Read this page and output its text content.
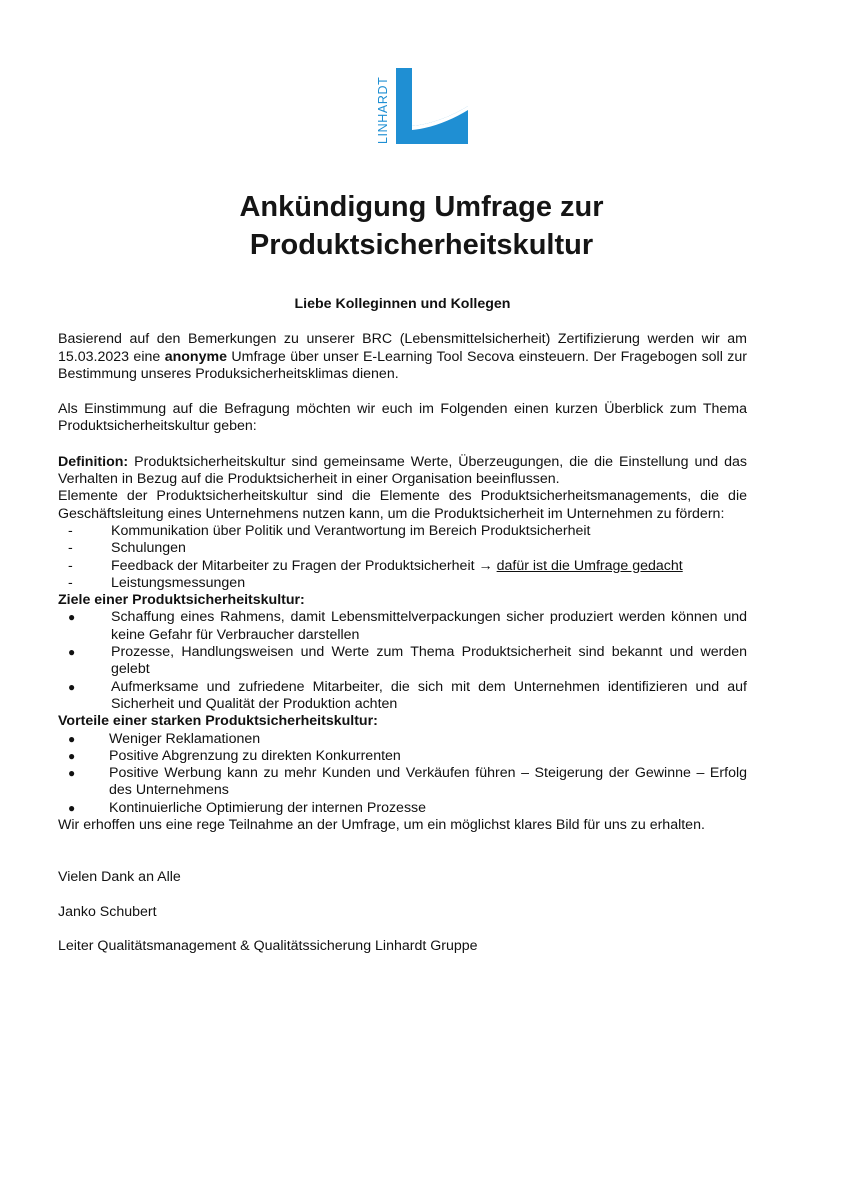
LINHARDT
Ankündigung Umfrage zur
Produktsicherheitskultur

Liebe Kolleginnen und Kollegen

Basierend auf den Bemerkungen zu unserer BRC (Lebensmittelsicherheit) Zertifizierung werden wir am 15.03.2023 eine anonyme Umfrage über unser E-Learning Tool Secova einsteuern. Der Fragebogen soll zur Bestimmung unseres Produksicherheitsklimas dienen.

Als Einstimmung auf die Befragung möchten wir euch im Folgenden einen kurzen Überblick zum Thema Produktsicherheitskultur geben:

Definition: Produktsicherheitskultur sind gemeinsame Werte, Überzeugungen, die die Einstellung und das Verhalten in Bezug auf die Produktsicherheit in einer Organisation beeinflussen.

Elemente der Produktsicherheitskultur sind die Elemente des Produktsicherheitsmanagements, die die Geschäftsleitung eines Unternehmens nutzen kann, um die Produktsicherheit im Unternehmen zu fördern:

-	Kommunikation über Politik und Verantwortung im Bereich Produktsicherheit
-	Schulungen
-	Feedback der Mitarbeiter zu Fragen der Produktsicherheit → dafür ist die Umfrage gedacht
-	Leistungsmessungen

Ziele einer Produktsicherheitskultur:

●	Schaffung eines Rahmens, damit Lebensmittelverpackungen sicher produziert werden können und keine Gefahr für Verbraucher darstellen
●	Prozesse, Handlungsweisen und Werte zum Thema Produktsicherheit sind bekannt und werden gelebt
●	Aufmerksame und zufriedene Mitarbeiter, die sich mit dem Unternehmen identifizieren und auf Sicherheit und Qualität der Produktion achten

Vorteile einer starken Produktsicherheitskultur:

● Weniger Reklamationen
● Positive Abgrenzung zu direkten Konkurrenten
● Positive Werbung kann zu mehr Kunden und Verkäufen führen – Steigerung der Gewinne – Erfolg des Unternehmens
● Kontinuierliche Optimierung der internen Prozesse

Wir erhoffen uns eine rege Teilnahme an der Umfrage, um ein möglichst klares Bild für uns zu erhalten.

Vielen Dank an Alle

Janko Schubert

Leiter Qualitätsmanagement & Qualitätssicherung Linhardt Gruppe
